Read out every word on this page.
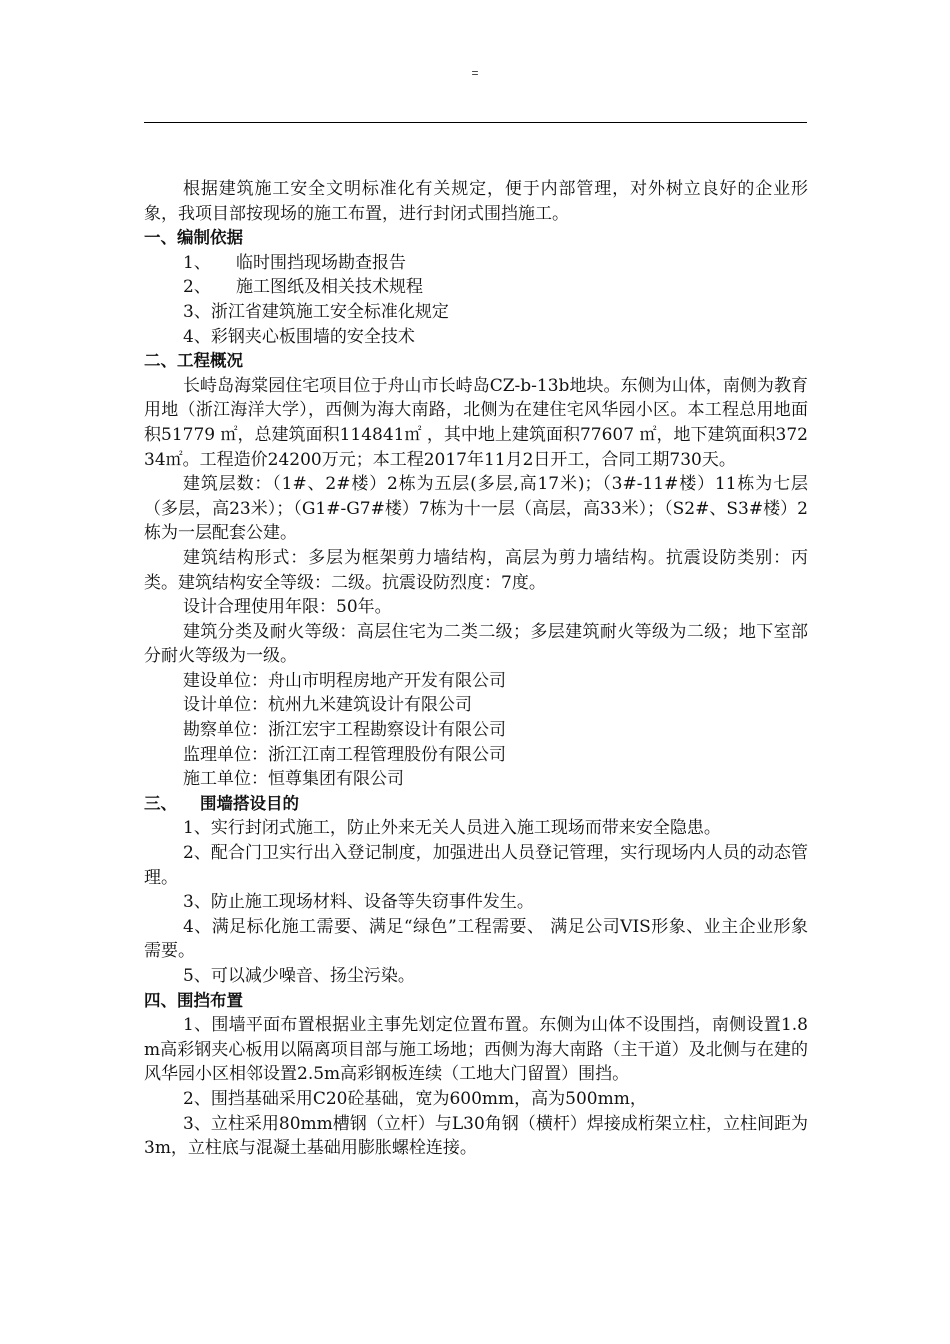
=

根据建筑施工安全文明标准化有关规定，便于内部管理，对外树立良好的企业形象，我项目部按现场的施工布置，进行封闭式围挡施工。

一、编制依据

1、 临时围挡现场勘查报告

2、 施工图纸及相关技术规程

3、浙江省建筑施工安全标准化规定

4、彩钢夹心板围墙的安全技术

二、工程概况

长峙岛海棠园住宅项目位于舟山市长峙岛CZ-b-13b地块。东侧为山体，南侧为教育用地（浙江海洋大学），西侧为海大南路，北侧为在建住宅风华园小区。本工程总用地面积51779 ㎡，总建筑面积114841㎡ ，其中地上建筑面积77607 ㎡，地下建筑面积37234㎡。工程造价24200万元；本工程2017年11月2日开工，合同工期730天。

建筑层数：（1#、2#楼）2栋为五层(多层,高17米)；（3#-11#楼）11栋为七层（多层，高23米）；（G1#-G7#楼）7栋为十一层（高层，高33米）；（S2#、S3#楼）2栋为一层配套公建。

建筑结构形式：多层为框架剪力墙结构，高层为剪力墙结构。抗震设防类别：丙类。建筑结构安全等级：二级。抗震设防烈度：7度。

设计合理使用年限：50年。

建筑分类及耐火等级：高层住宅为二类二级；多层建筑耐火等级为二级；地下室部分耐火等级为一级。

建设单位：舟山市明程房地产开发有限公司

设计单位：杭州九米建筑设计有限公司

勘察单位：浙江宏宇工程勘察设计有限公司

监理单位：浙江江南工程管理股份有限公司

施工单位：恒尊集团有限公司

三、 围墙搭设目的

1、实行封闭式施工，防止外来无关人员进入施工现场而带来安全隐患。

2、配合门卫实行出入登记制度，加强进出人员登记管理，实行现场内人员的动态管理。

3、防止施工现场材料、设备等失窃事件发生。

4、满足标化施工需要、满足“绿色”工程需要、 满足公司VIS形象、业主企业形象需要。

5、可以减少噪音、扬尘污染。

四、围挡布置

1、围墙平面布置根据业主事先划定位置布置。东侧为山体不设围挡，南侧设置1.8m高彩钢夹心板用以隔离项目部与施工场地；西侧为海大南路（主干道）及北侧与在建的风华园小区相邻设置2.5m高彩钢板连续（工地大门留置）围挡。

2、围挡基础采用C20砼基础，宽为600mm，高为500mm，

3、立柱采用80mm槽钢（立杆）与L30角钢（横杆）焊接成桁架立柱，立柱间距为3m，立柱底与混凝土基础用膨胀螺栓连接。
